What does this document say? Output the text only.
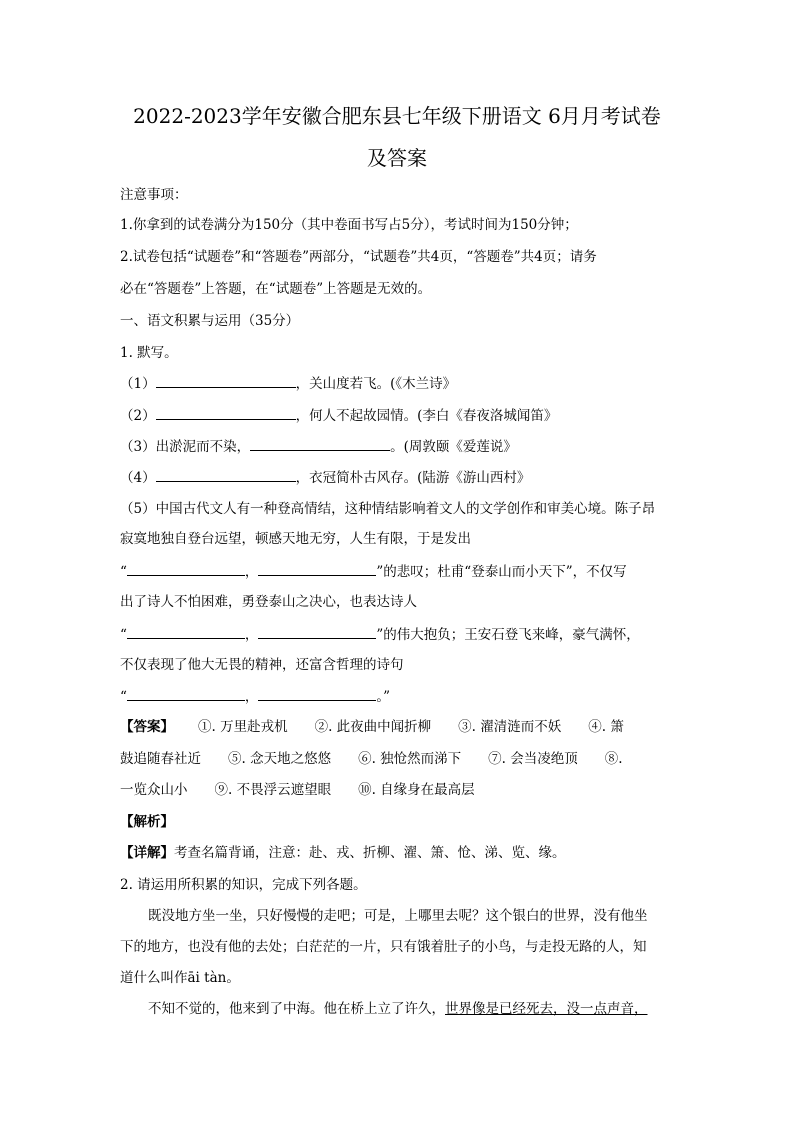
2022-2023学年安徽合肥东县七年级下册语文 6月月考试卷
及答案
注意事项：
1.你拿到的试卷满分为150分（其中卷面书写占5分），考试时间为150分钟；
2.试卷包括“试题卷”和“答题卷”两部分，“试题卷”共4页，“答题卷”共4页；请务
必在“答题卷”上答题，在“试题卷”上答题是无效的。
一、语文积累与运用（35分）
1. 默写。
（1）	，关山度若飞。(《木兰诗》
（2）	，何人不起故园情。(李白《春夜洛城闻笛》
（3）出淤泥而不染，	。(周敦颐《爱莲说》
（4）	，衣冠简朴古风存。(陆游《游山西村》
（5）中国古代文人有一种登高情结，这种情结影响着文人的文学创作和审美心境。陈子昂
寂寞地独自登台远望，顿感天地无穷，人生有限，于是发出
“	，	”的悲叹；杜甫“登泰山而小天下”，不仅写
出了诗人不怕困难，勇登泰山之决心，也表达诗人
“	，	”的伟大抱负；王安石登飞来峰，豪气满怀，
不仅表现了他大无畏的精神，还富含哲理的诗句
“	，	。”
【答案】 ①. 万里赴戎机　　②. 此夜曲中闻折柳　　③. 濯清涟而不妖　　④. 箫
鼓追随春社近　　⑤. 念天地之悠悠　　⑥. 独怆然而涕下　　⑦. 会当凌绝顶　　⑧.
一览众山小　　⑨. 不畏浮云遮望眼　　⑩. 自缘身在最高层
【解析】
【详解】考查名篇背诵，注意：赴、戎、折柳、濯、箫、怆、涕、览、缘。
2. 请运用所积累的知识，完成下列各题。
既没地方坐一坐，只好慢慢的走吧；可是，上哪里去呢？这个银白的世界，没有他坐
下的地方，也没有他的去处；白茫茫的一片，只有饿着肚子的小鸟，与走投无路的人，知
道什么叫作āi tàn。
不知不觉的，他来到了中海。他在桥上立了许久，世界像是已经死去，没一点声音，
